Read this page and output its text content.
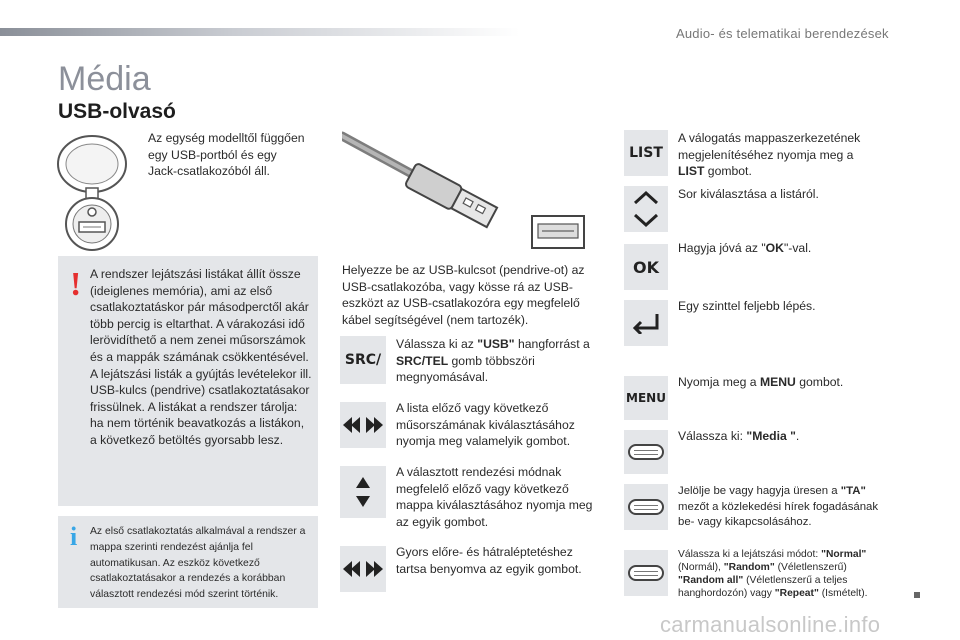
Audio- és telematikai berendezések
Média
USB-olvasó
Az egység modelltől függően egy USB-portból és egy Jack-csatlakozóból áll.
! A rendszer lejátszási listákat állít össze (ideiglenes memória), ami az első csatlakoztatáskor pár másodperctől akár több percig is eltarthat. A várakozási idő lerövidíthető a nem zenei műsorszámok és a mappák számának csökkentésével. A lejátszási listák a gyújtás levételekor ill. USB-kulcs (pendrive) csatlakoztatásakor frissülnek. A listákat a rendszer tárolja: ha nem történik beavatkozás a listákon, a következő betöltés gyorsabb lesz.
i Az első csatlakoztatás alkalmával a rendszer a mappa szerinti rendezést ajánlja fel automatikusan. Az eszköz következő csatlakoztatásakor a rendezés a korábban választott rendezési mód szerint történik.
Helyezze be az USB-kulcsot (pendrive-ot) az USB-csatlakozóba, vagy kösse rá az USB-eszközt az USB-csatlakozóra egy megfelelő kábel segítségével (nem tartozék).
SRC /
Válassza ki az "USB" hangforrást a SRC/TEL gomb többszöri megnyomásával.
A lista előző vagy következő műsorszámának kiválasztásához nyomja meg valamelyik gombot.
A választott rendezési módnak megfelelő előző vagy következő mappa kiválasztásához nyomja meg az egyik gombot.
Gyors előre- és hátraléptetéshez tartsa benyomva az egyik gombot.
LIST
A válogatás mappaszerkezetének megjelenítéséhez nyomja meg a LIST gombot.
Sor kiválasztása a listáról.
OK
Hagyja jóvá az "OK"-val.
Egy szinttel feljebb lépés.
MENU
Nyomja meg a MENU gombot.
Válassza ki: "Media ".
Jelölje be vagy hagyja üresen a "TA" mezőt a közlekedési hírek fogadásának be- vagy kikapcsolásához.
Válassza ki a lejátszási módot: "Normal" (Normál), "Random" (Véletlenszerű) "Random all" (Véletlenszerű a teljes hanghordozón) vagy "Repeat" (Ismételt).
carmanualsonline.info
